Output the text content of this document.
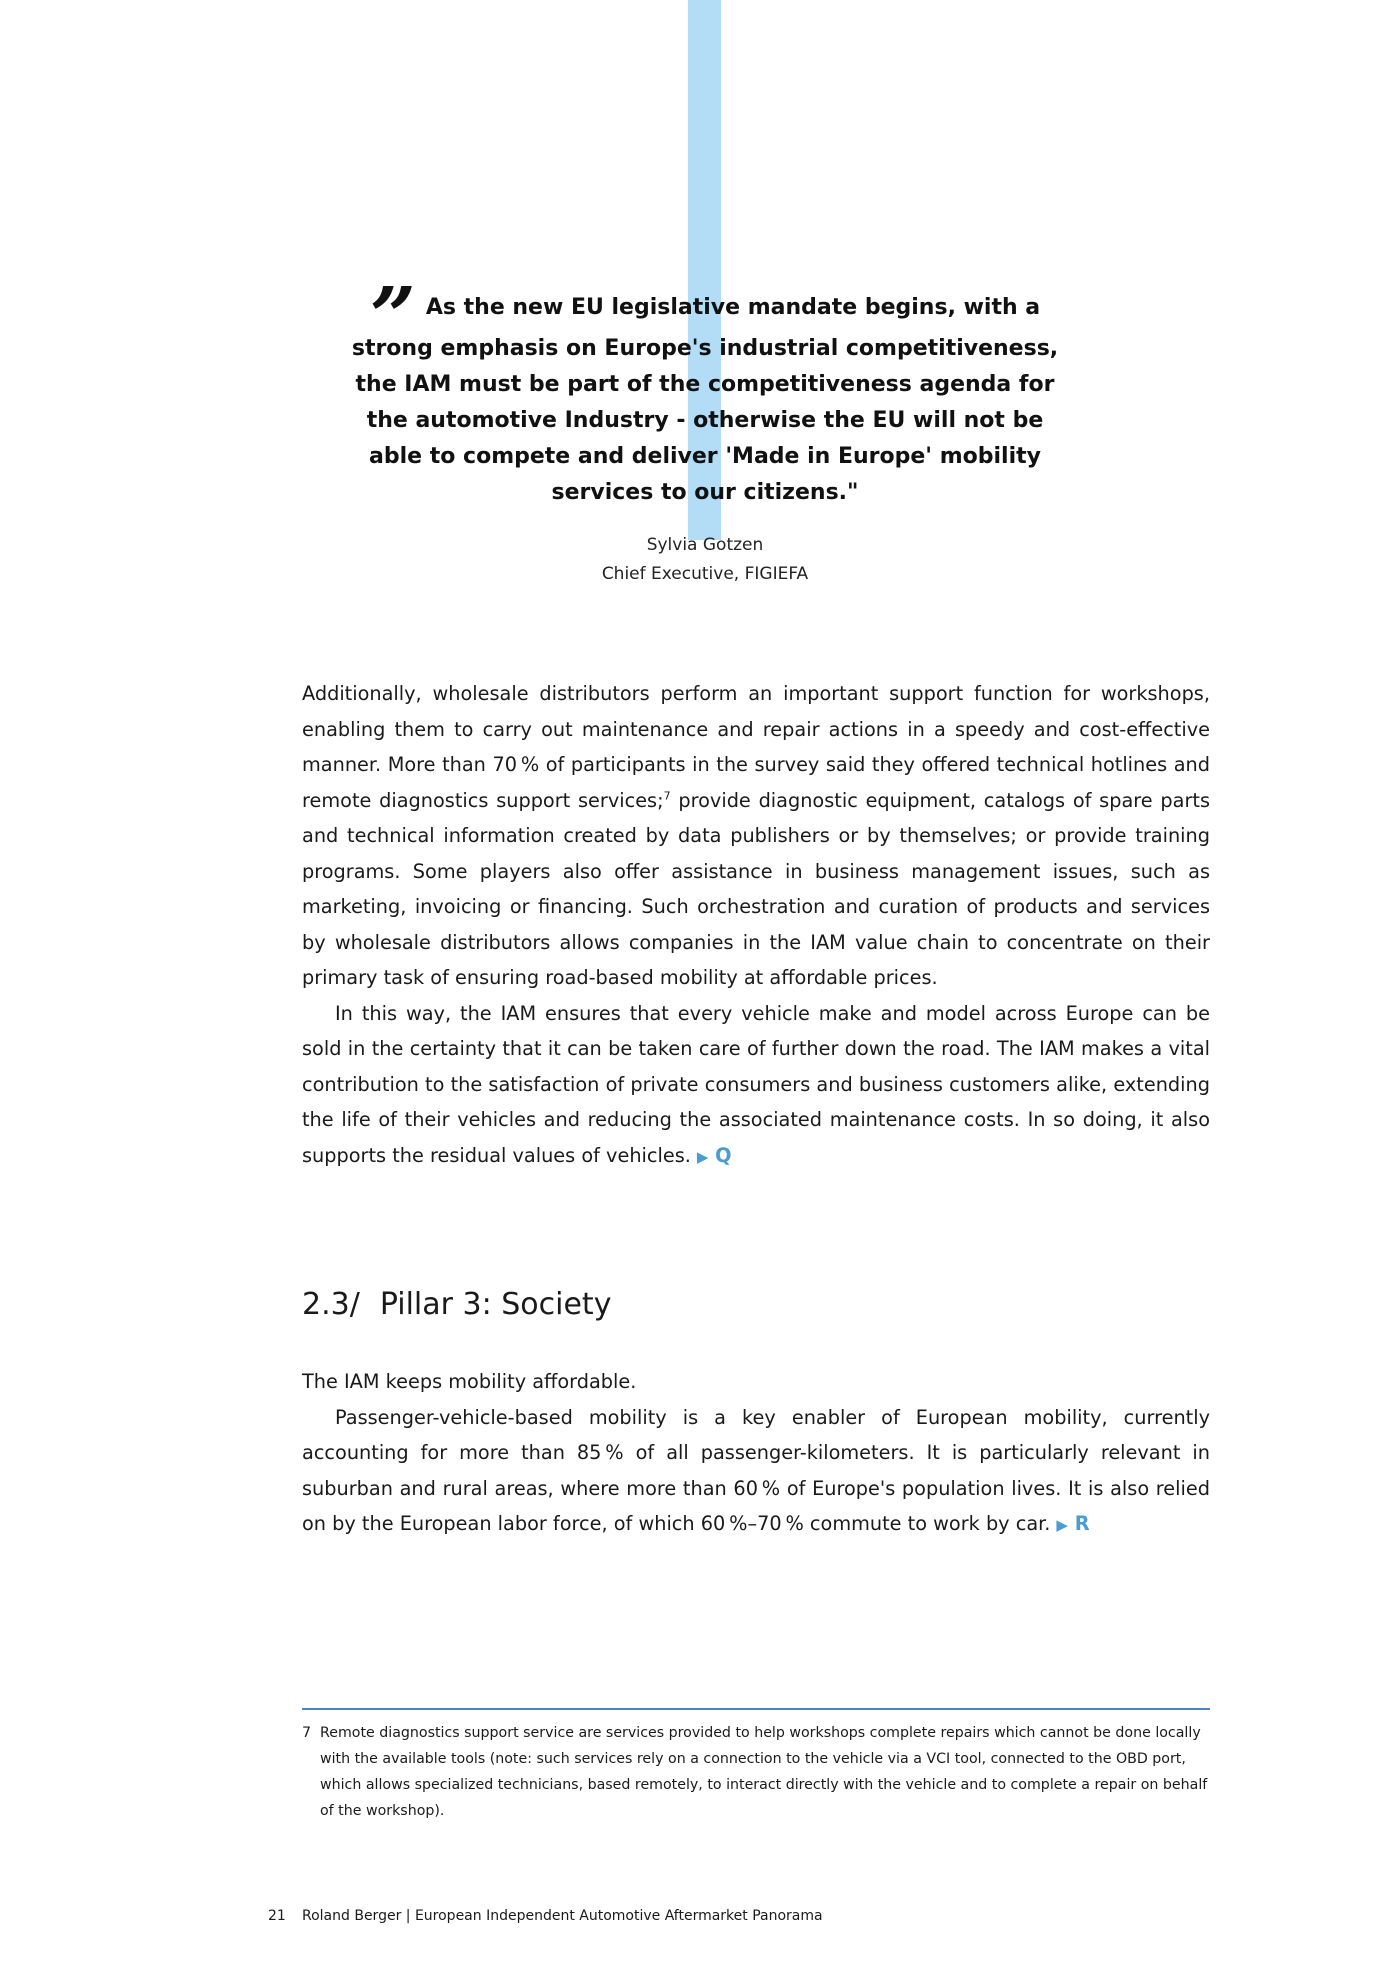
” As the new EU legislative mandate begins, with a strong emphasis on Europe's industrial competitiveness, the IAM must be part of the competitiveness agenda for the automotive Industry - otherwise the EU will not be able to compete and deliver 'Made in Europe' mobility services to our citizens."

Sylvia Gotzen
Chief Executive, FIGIEFA

Additionally, wholesale distributors perform an important support function for workshops, enabling them to carry out maintenance and repair actions in a speedy and cost-effective manner. More than 70 % of participants in the survey said they offered technical hotlines and remote diagnostics support services;$^7$ provide diagnostic equipment, catalogs of spare parts and technical information created by data publishers or by themselves; or provide training programs. Some players also offer assistance in business management issues, such as marketing, invoicing or financing. Such orchestration and curation of products and services by wholesale distributors allows companies in the IAM value chain to concentrate on their primary task of ensuring road-based mobility at affordable prices.

In this way, the IAM ensures that every vehicle make and model across Europe can be sold in the certainty that it can be taken care of further down the road. The IAM makes a vital contribution to the satisfaction of private consumers and business customers alike, extending the life of their vehicles and reducing the associated maintenance costs. In so doing, it also supports the residual values of vehicles. ▶ Q

2.3/ Pillar 3: Society

The IAM keeps mobility affordable.

Passenger-vehicle-based mobility is a key enabler of European mobility, currently accounting for more than 85 % of all passenger-kilometers. It is particularly relevant in suburban and rural areas, where more than 60 % of Europe's population lives. It is also relied on by the European labor force, of which 60 %–70 % commute to work by car. ▶ R

7 Remote diagnostics support service are services provided to help workshops complete repairs which cannot be done locally with the available tools (note: such services rely on a connection to the vehicle via a VCI tool, connected to the OBD port, which allows specialized technicians, based remotely, to interact directly with the vehicle and to complete a repair on behalf of the workshop).
21 Roland Berger | European Independent Automotive Aftermarket Panorama
